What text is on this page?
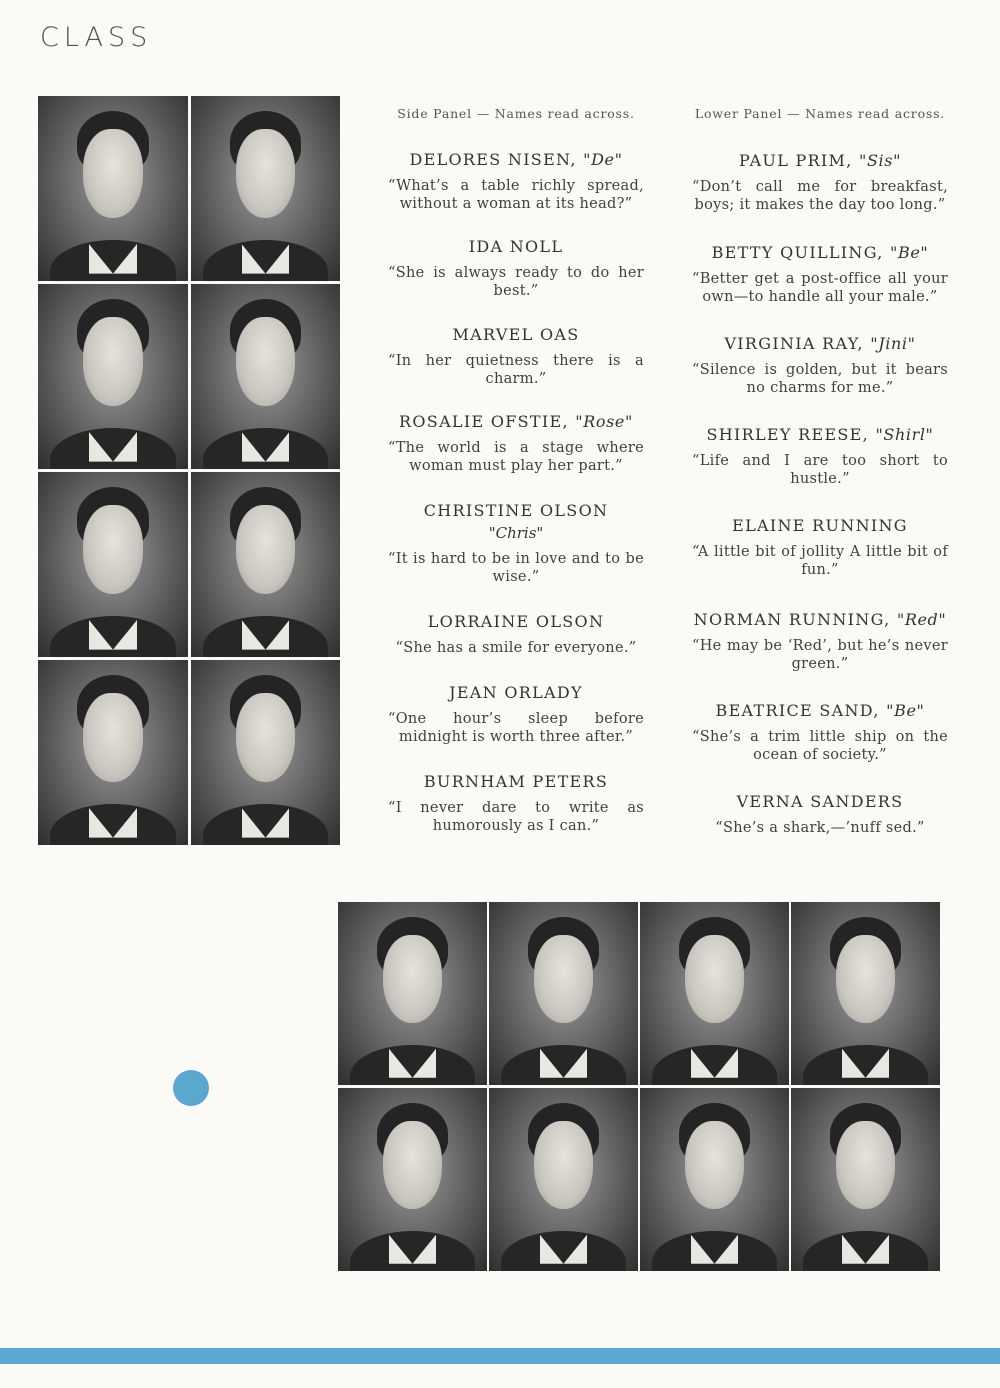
CLASS
Side Panel — Names read across.
DELORES NISEN, "De"
“What’s a table richly spread, without a woman at its head?”
IDA NOLL
“She is always ready to do her best.”
MARVEL OAS
“In her quietness there is a charm.”
ROSALIE OFSTIE, "Rose"
“The world is a stage where woman must play her part.”
CHRISTINE OLSON
"Chris"
“It is hard to be in love and to be wise.”
LORRAINE OLSON
“She has a smile for everyone.”
JEAN ORLADY
“One hour’s sleep before midnight is worth three after.”
BURNHAM PETERS
“I never dare to write as humorously as I can.”
Lower Panel — Names read across.
PAUL PRIM, "Sis"
“Don’t call me for breakfast, boys; it makes the day too long.”
BETTY QUILLING, "Be"
“Better get a post-office all your own—to handle all your male.”
VIRGINIA RAY, "Jini"
“Silence is golden, but it bears no charms for me.”
SHIRLEY REESE, "Shirl"
“Life and I are too short to hustle.”
ELAINE RUNNING
“A little bit of jollity A little bit of fun.”
NORMAN RUNNING, "Red"
“He may be ‘Red’, but he’s never green.”
BEATRICE SAND, "Be"
“She’s a trim little ship on the ocean of society.”
VERNA SANDERS
“She’s a shark,—’nuff sed.”
